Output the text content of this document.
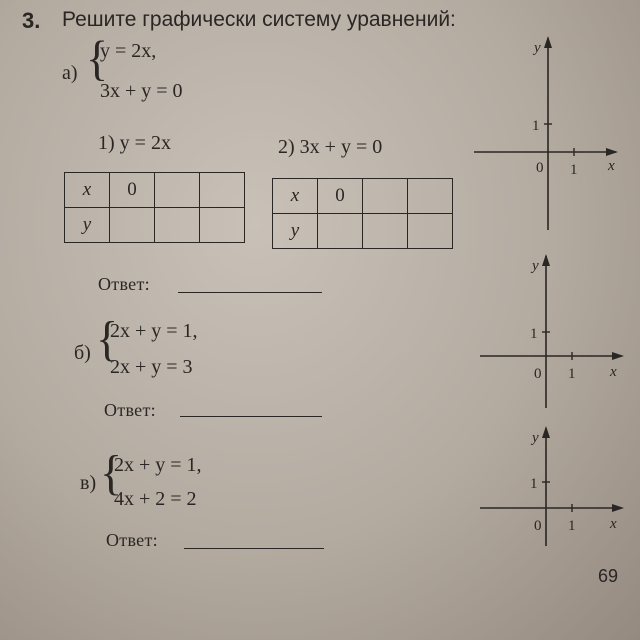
3. Решите графически систему уравнений:
а) {
y = 2x,
3x + y = 0
1) y = 2x	2) 3x + y = 0
x	0		
y			
x	0		
y			
Ответ:
б) {
2x + y = 1,
2x + y = 3
Ответ:
в) {
2x + y = 1,
4x + 2 = 2
Ответ:
y
x
1
0 1
y
x
1
0 1
y
x
1
0 1
69
